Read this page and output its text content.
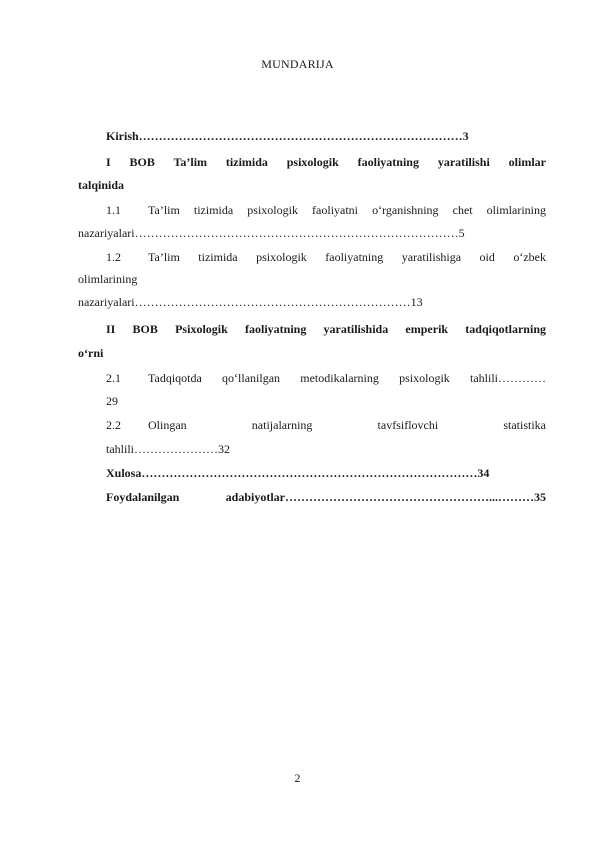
MUNDARIJA
Kirish………………………………………………………………………3
I BOB Ta’lim tizimida psixologik faoliyatning yaratilishi olimlar
talqinida
1.1 Ta’lim tizimida psixologik faoliyatni o‘rganishning chet olimlarining
nazariyalari………………………………………………………………………5
1.2 Ta’lim tizimida psixologik faoliyatning yaratilishiga oid o‘zbek
olimlarining
nazariyalari……………………………………………………………13
II BOB Psixologik faoliyatning yaratilishida emperik tadqiqotlarning
o‘rni
2.1 Tadqiqotda qo‘llanilgan metodikalarning psixologik tahlili…………
29
2.2 Olingan natijalarning tavfsiflovchi statistika
tahlili…………………32
Xulosa…………………………………………………………………………34
Foydalanilgan adabiyotlar……………………………………………...………35
2
